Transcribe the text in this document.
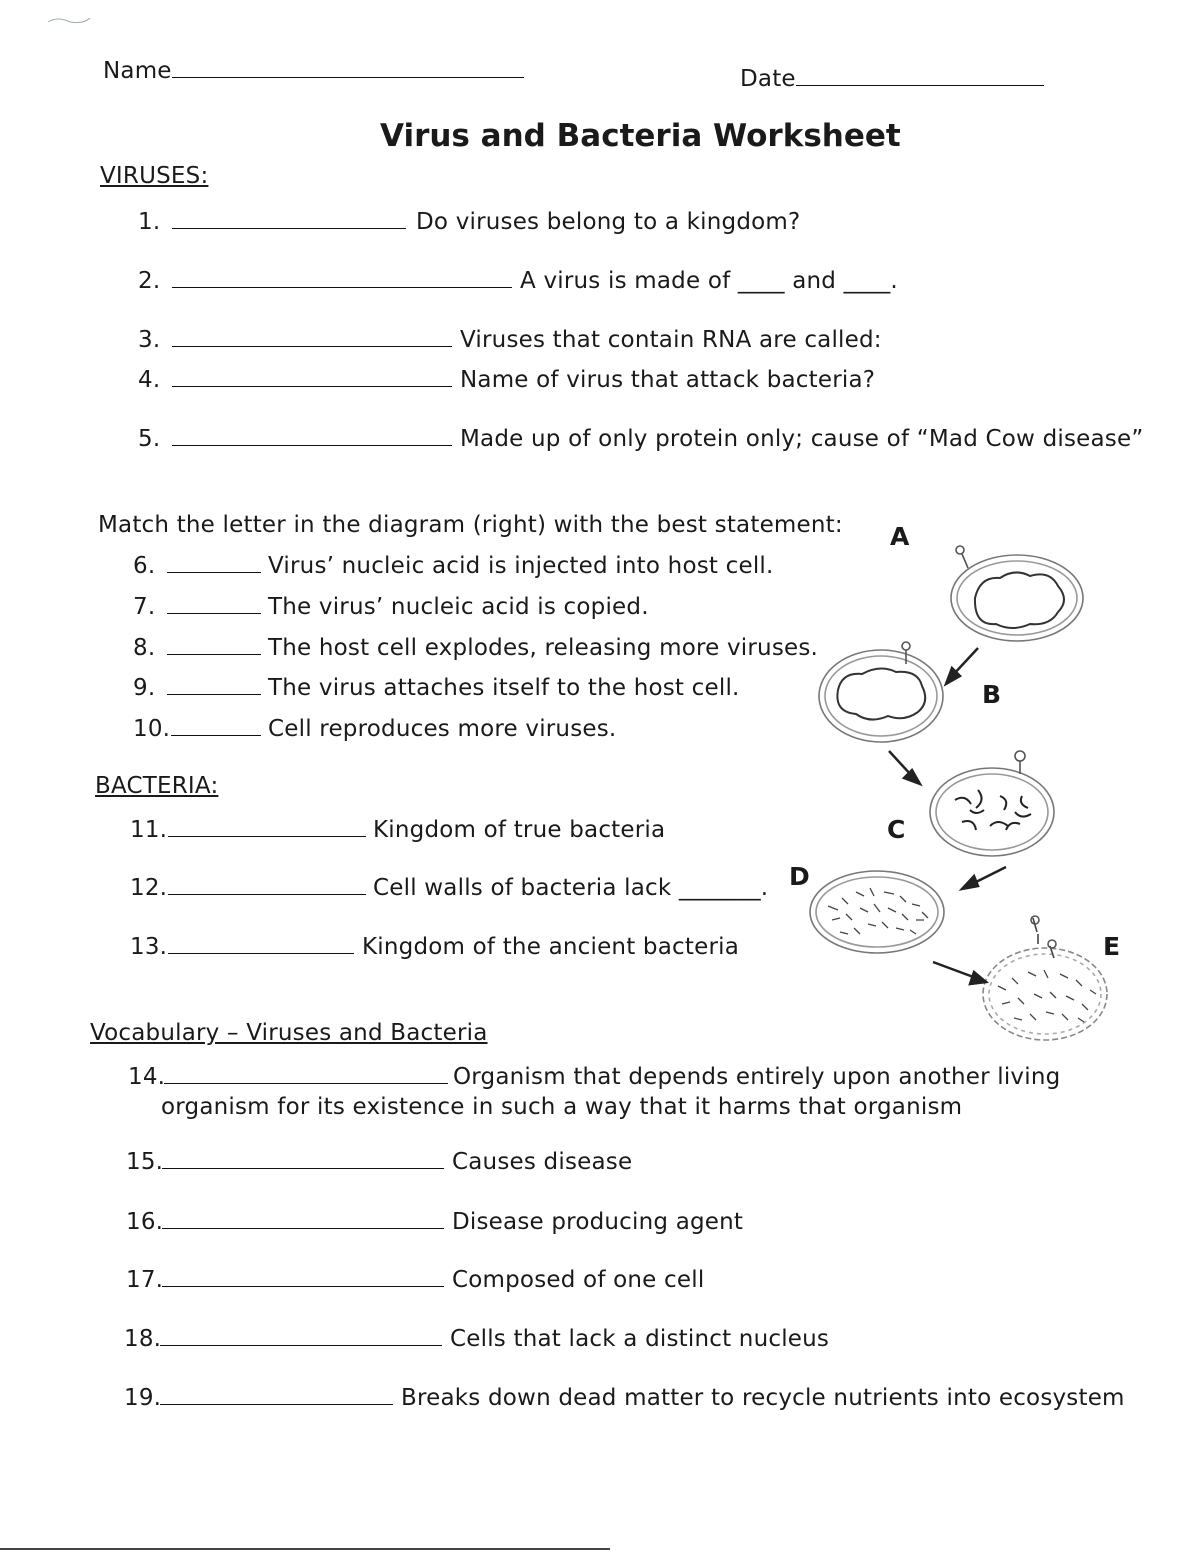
Name	Date
Virus and Bacteria Worksheet
VIRUSES:
1.	Do viruses belong to a kingdom?
2.	A virus is made of ____ and ____.
3.	Viruses that contain RNA are called:
4.	Name of virus that attack bacteria?
5.	Made up of only protein only; cause of “Mad Cow disease”
Match the letter in the diagram (right) with the best statement:
6.	Virus’ nucleic acid is injected into host cell.
7.	The virus’ nucleic acid is copied.
8.	The host cell explodes, releasing more viruses.
9.	The virus attaches itself to the host cell.
10.	Cell reproduces more viruses.
BACTERIA:
11.	Kingdom of true bacteria
12.	Cell walls of bacteria lack _______.
13.	Kingdom of the ancient bacteria
Vocabulary – Viruses and Bacteria
14.	Organism that depends entirely upon another living
organism for its existence in such a way that it harms that organism
15.	Causes disease
16.	Disease producing agent
17.	Composed of one cell
18.	Cells that lack a distinct nucleus
19.	Breaks down dead matter to recycle nutrients into ecosystem
A
B
C
D
E
